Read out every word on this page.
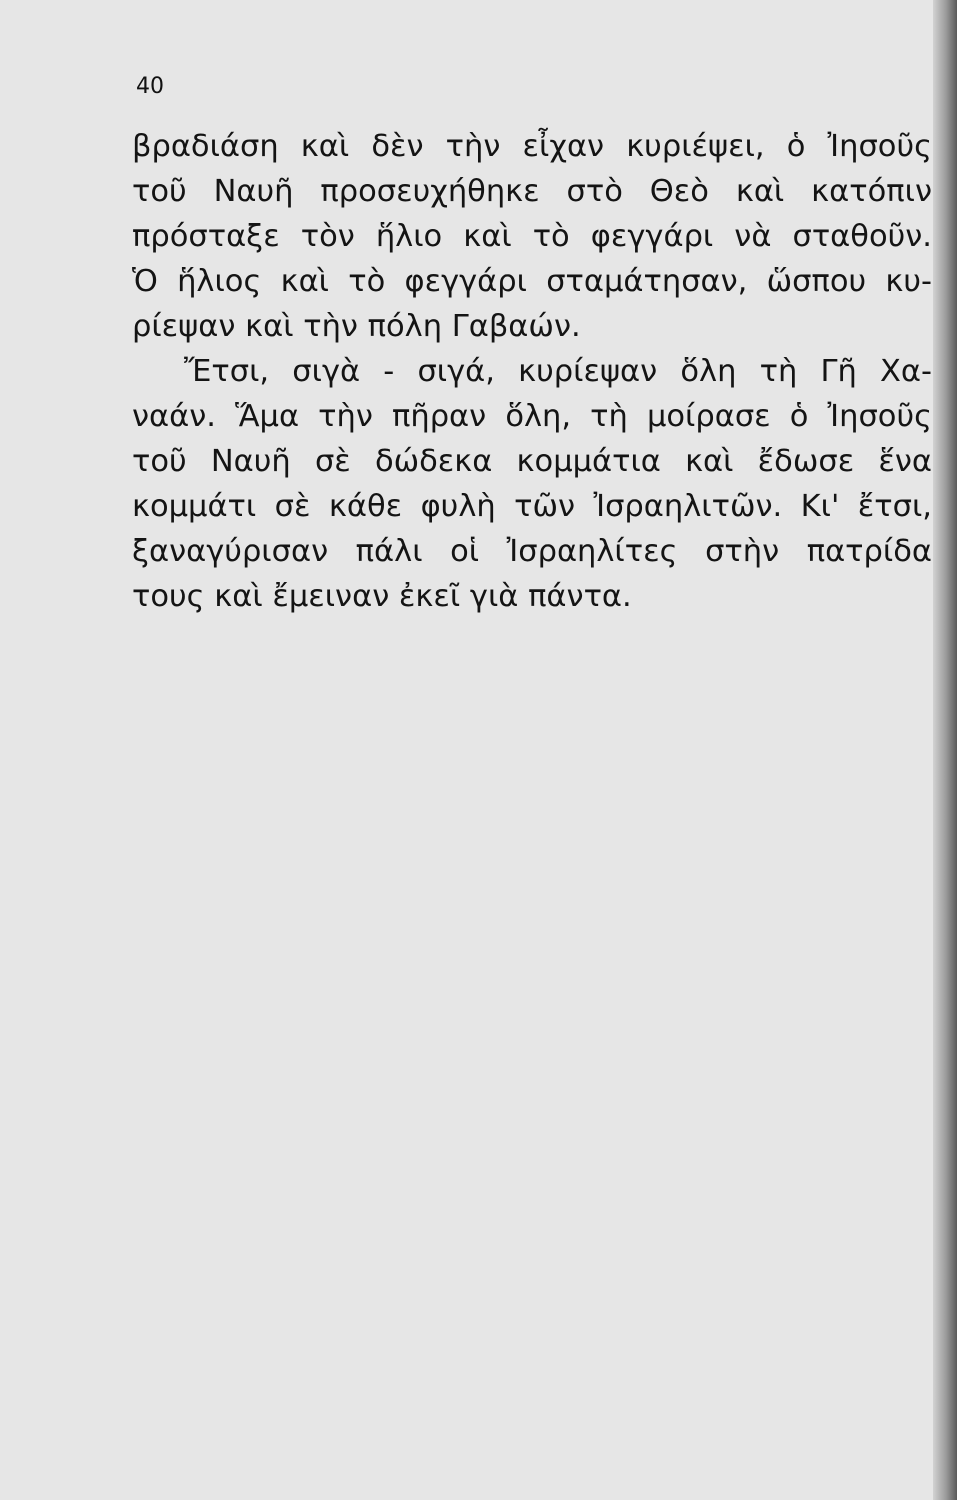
40
βραδιάση καὶ δὲν τὴν εἶχαν κυριέψει, ὁ Ἰησοῦς
τοῦ Ναυῆ προσευχήθηκε στὸ Θεὸ καὶ κατόπιν
πρόσταξε τὸν ἥλιο καὶ τὸ φεγγάρι νὰ σταθοῦν.
Ὁ ἥλιος καὶ τὸ φεγγάρι σταμάτησαν, ὥσπου κυ-
ρίεψαν καὶ τὴν πόλη Γαβαών.
Ἔτσι, σιγὰ - σιγά, κυρίεψαν ὅλη τὴ Γῆ Χα-
ναάν. Ἅμα τὴν πῆραν ὅλη, τὴ μοίρασε ὁ Ἰησοῦς
τοῦ Ναυῆ σὲ δώδεκα κομμάτια καὶ ἔδωσε ἕνα
κομμάτι σὲ κάθε φυλὴ τῶν Ἰσραηλιτῶν. Κι' ἔτσι,
ξαναγύρισαν πάλι οἱ Ἰσραηλίτες στὴν πατρίδα
τους καὶ ἔμειναν ἐκεῖ γιὰ πάντα.
